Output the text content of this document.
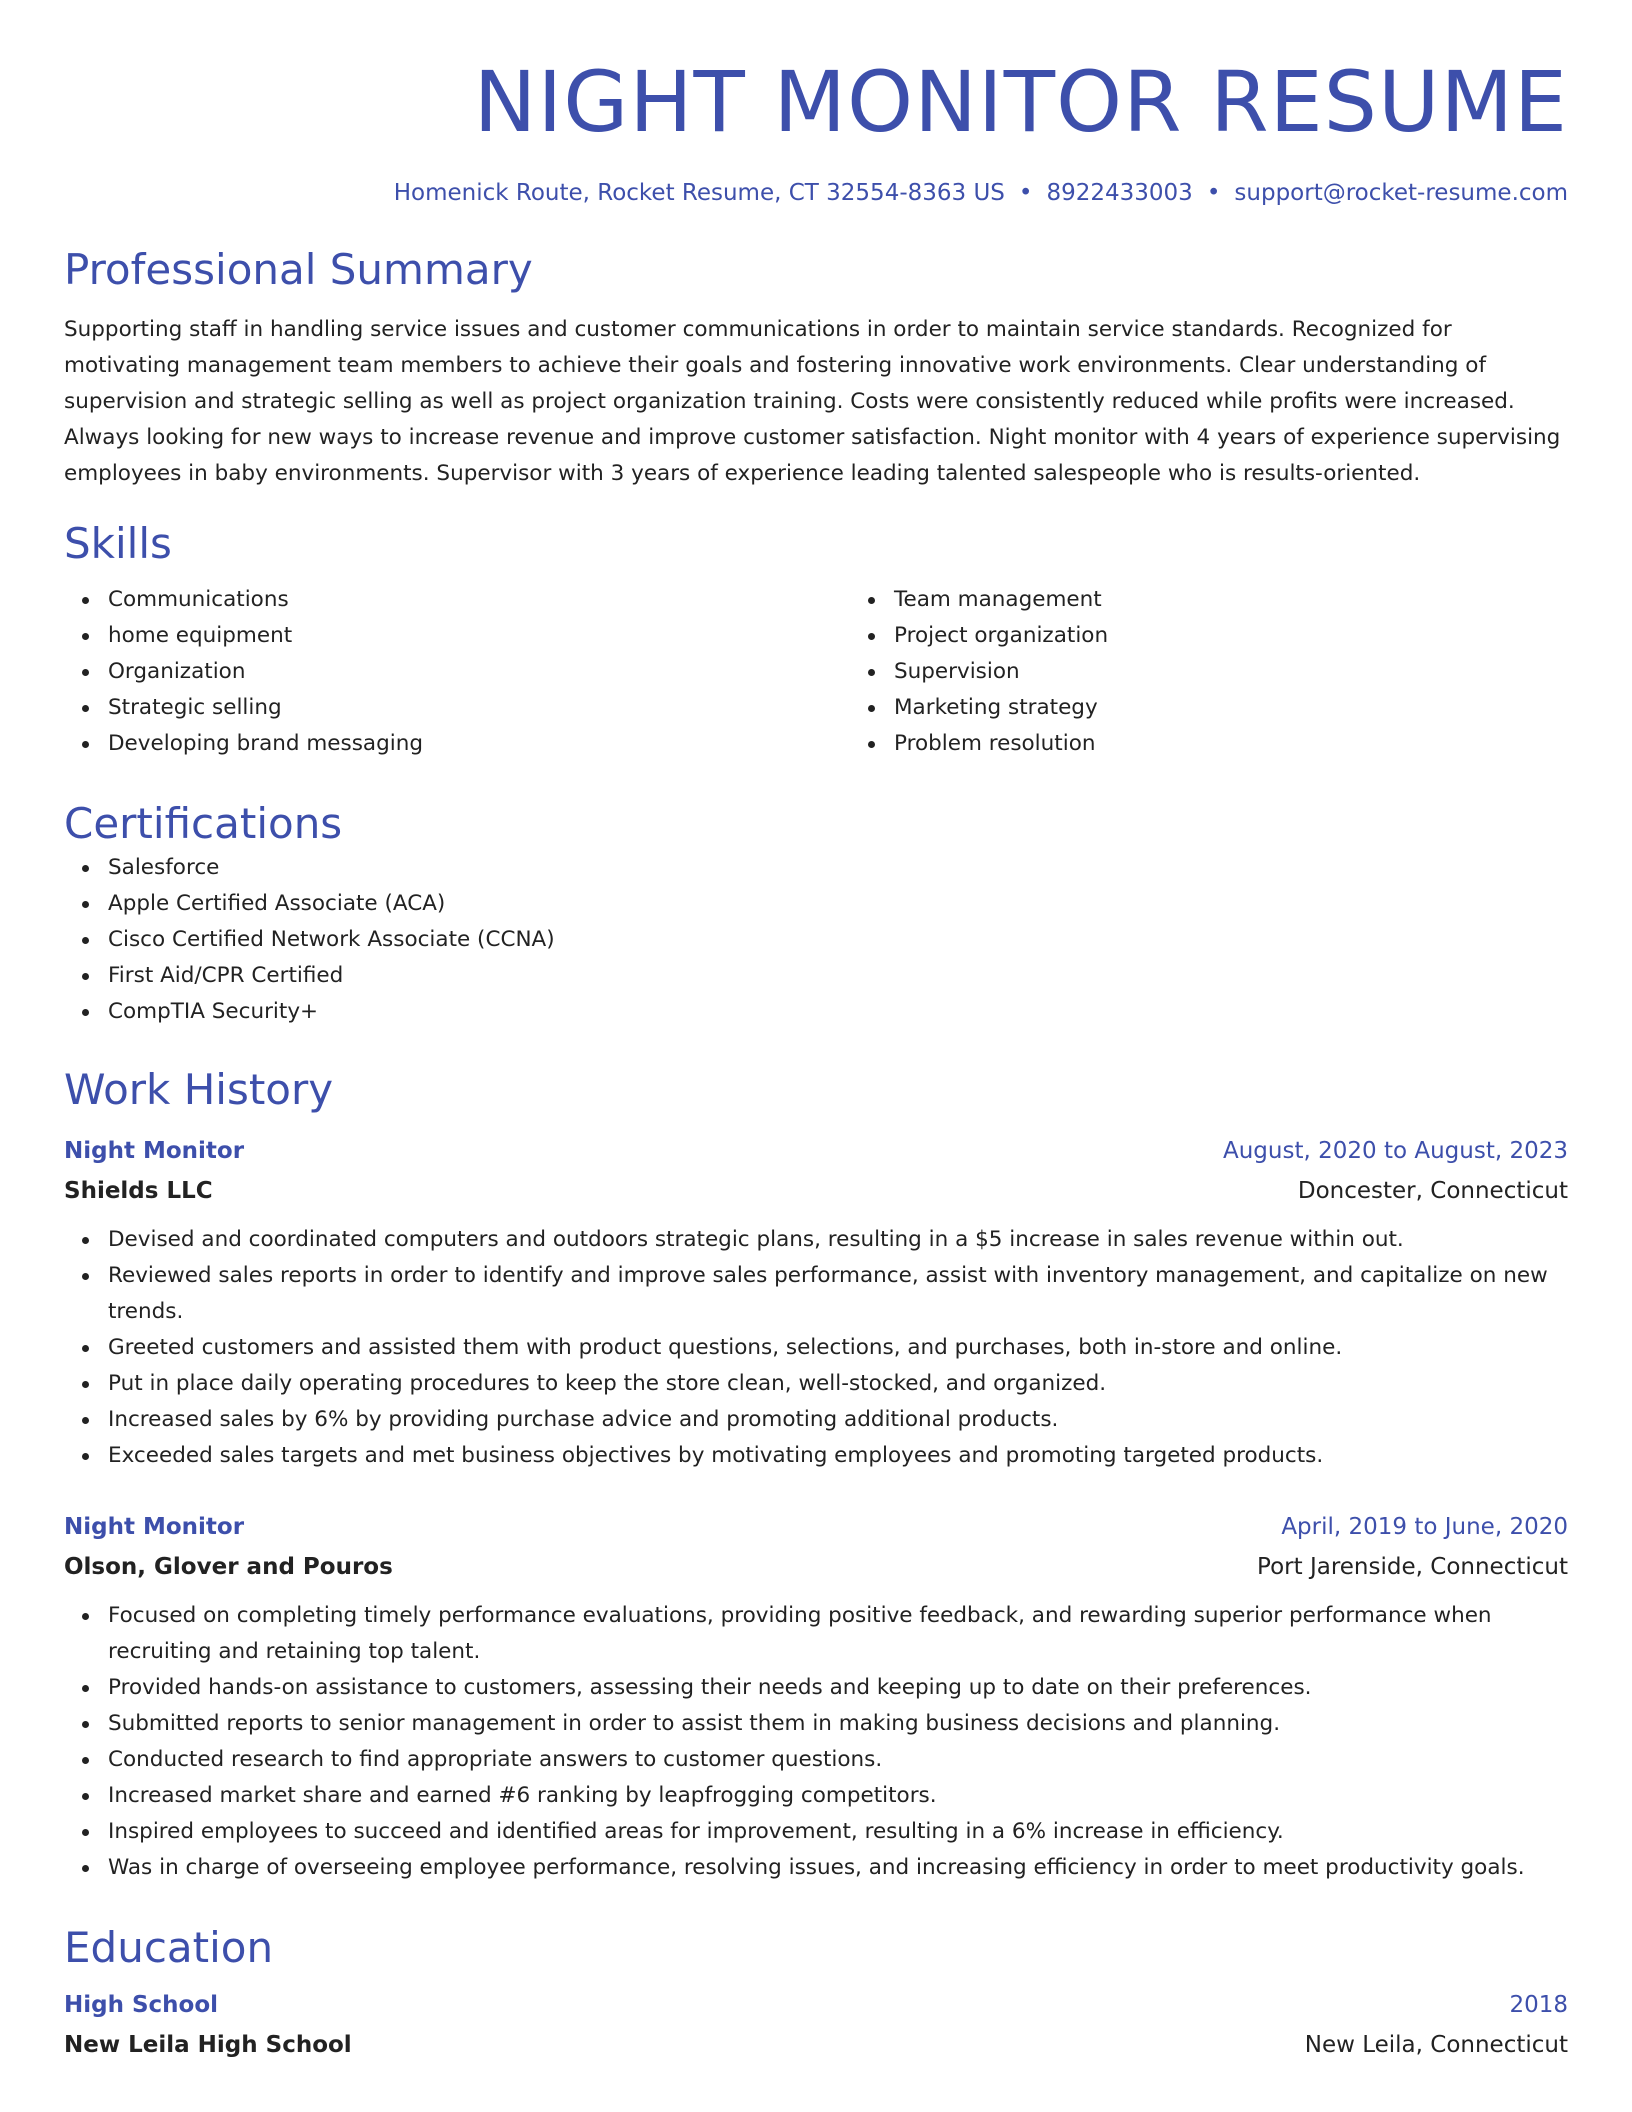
NIGHT MONITOR RESUME
Homenick Route, Rocket Resume, CT 32554-8363 US • 8922433003 • support@rocket-resume.com
Professional Summary
Supporting staff in handling service issues and customer communications in order to maintain service standards. Recognized for motivating management team members to achieve their goals and fostering innovative work environments. Clear understanding of supervision and strategic selling as well as project organization training. Costs were consistently reduced while profits were increased. Always looking for new ways to increase revenue and improve customer satisfaction. Night monitor with 4 years of experience supervising employees in baby environments. Supervisor with 3 years of experience leading talented salespeople who is results-oriented.
Skills
Communications
home equipment
Organization
Strategic selling
Developing brand messaging
Team management
Project organization
Supervision
Marketing strategy
Problem resolution
Certifications
Salesforce
Apple Certified Associate (ACA)
Cisco Certified Network Associate (CCNA)
First Aid/CPR Certified
CompTIA Security+
Work History
Night Monitor	August, 2020 to August, 2023
Shields LLC	Doncester, Connecticut
Devised and coordinated computers and outdoors strategic plans, resulting in a $5 increase in sales revenue within out.
Reviewed sales reports in order to identify and improve sales performance, assist with inventory management, and capitalize on new trends.
Greeted customers and assisted them with product questions, selections, and purchases, both in-store and online.
Put in place daily operating procedures to keep the store clean, well-stocked, and organized.
Increased sales by 6% by providing purchase advice and promoting additional products.
Exceeded sales targets and met business objectives by motivating employees and promoting targeted products.
Night Monitor	April, 2019 to June, 2020
Olson, Glover and Pouros	Port Jarenside, Connecticut
Focused on completing timely performance evaluations, providing positive feedback, and rewarding superior performance when recruiting and retaining top talent.
Provided hands-on assistance to customers, assessing their needs and keeping up to date on their preferences.
Submitted reports to senior management in order to assist them in making business decisions and planning.
Conducted research to find appropriate answers to customer questions.
Increased market share and earned #6 ranking by leapfrogging competitors.
Inspired employees to succeed and identified areas for improvement, resulting in a 6% increase in efficiency.
Was in charge of overseeing employee performance, resolving issues, and increasing efficiency in order to meet productivity goals.
Education
High School	2018
New Leila High School	New Leila, Connecticut
